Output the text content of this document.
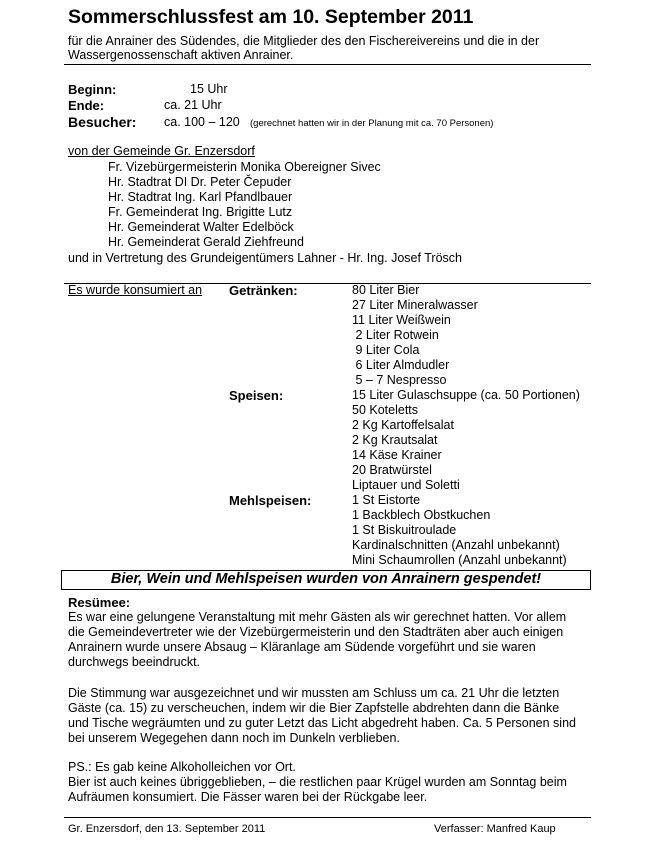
Sommerschlussfest am 10. September 2011
für die Anrainer des Südendes, die Mitglieder des den Fischereivereins und die in der
Wassergenossenschaft aktiven Anrainer.
Beginn:	15 Uhr
Ende:	ca. 21 Uhr
Besucher: ca. 100 – 120 (gerechnet hatten wir in der Planung mit ca. 70 Personen)
von der Gemeinde Gr. Enzersdorf
Fr. Vizebürgermeisterin Monika Obereigner Sivec
Hr. Stadtrat DI Dr. Peter Čepuder
Hr. Stadtrat Ing. Karl Pfandlbauer
Fr. Gemeinderat Ing. Brigitte Lutz
Hr. Gemeinderat Walter Edelböck
Hr. Gemeinderat Gerald Ziehfreund
und in Vertretung des Grundeigentümers Lahner - Hr. Ing. Josef Trösch
Es wurde konsumiert an Getränken:	80 Liter Bier
27 Liter Mineralwasser
11 Liter Weißwein
2 Liter Rotwein
9 Liter Cola
6 Liter Almdudler
5 – 7 Nespresso
Speisen:	15 Liter Gulaschsuppe (ca. 50 Portionen)
50 Koteletts
2 Kg Kartoffelsalat
2 Kg Krautsalat
14 Käse Krainer
20 Bratwürstel
Liptauer und Soletti
Mehlspeisen:	1 St Eistorte
1 Backblech Obstkuchen
1 St Biskuitroulade
Kardinalschnitten (Anzahl unbekannt)
Mini Schaumrollen (Anzahl unbekannt)
Bier, Wein und Mehlspeisen wurden von Anrainern gespendet!
Resümee:
Es war eine gelungene Veranstaltung mit mehr Gästen als wir gerechnet hatten. Vor allem
die Gemeindevertreter wie der Vizebürgermeisterin und den Stadträten aber auch einigen
Anrainern wurde unsere Absaug – Kläranlage am Südende vorgeführt und sie waren
durchwegs beeindruckt.
Die Stimmung war ausgezeichnet und wir mussten am Schluss um ca. 21 Uhr die letzten
Gäste (ca. 15) zu verscheuchen, indem wir die Bier Zapfstelle abdrehten dann die Bänke
und Tische wegräumten und zu guter Letzt das Licht abgedreht haben. Ca. 5 Personen sind
bei unserem Wegegehen dann noch im Dunkeln verblieben.
PS.: Es gab keine Alkoholleichen vor Ort.
Bier ist auch keines übriggeblieben, – die restlichen paar Krügel wurden am Sonntag beim
Aufräumen konsumiert. Die Fässer waren bei der Rückgabe leer.
Gr. Enzersdorf, den 13. September 2011	Verfasser: Manfred Kaup
